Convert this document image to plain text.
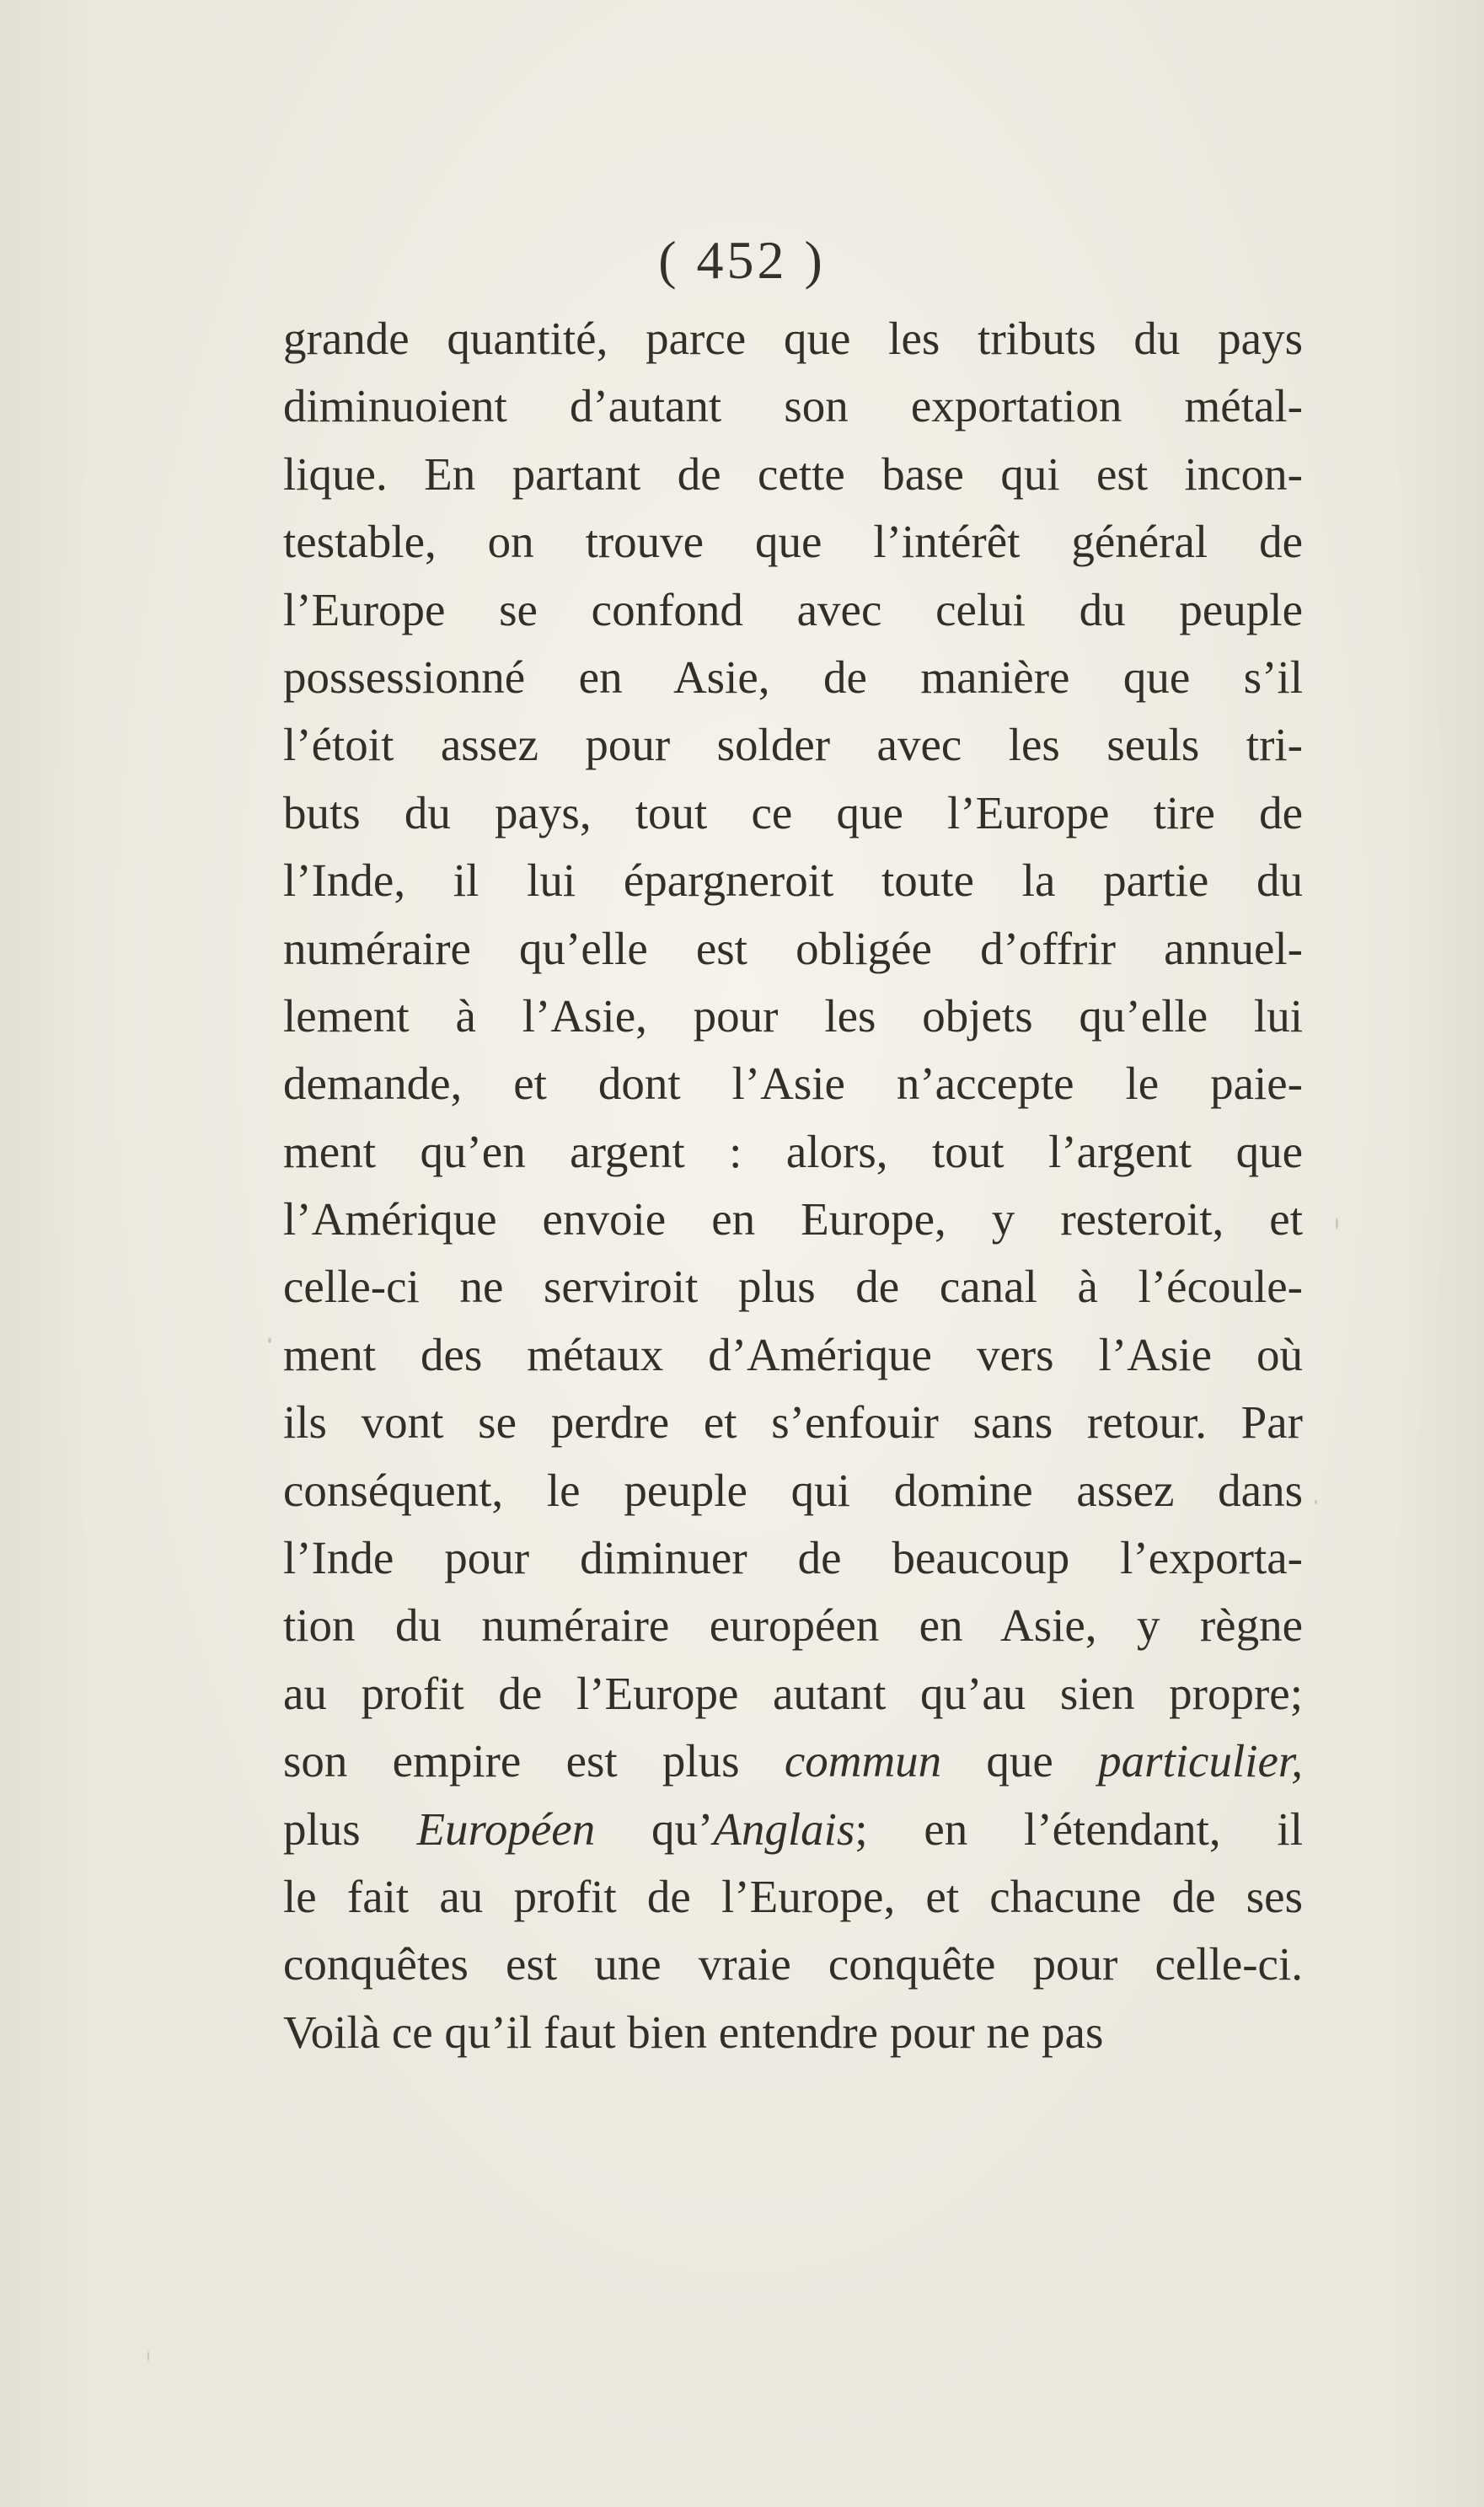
( 452 )
grande quantité, parce que les tributs du pays
diminuoient d’autant son exportation métal-
lique. En partant de cette base qui est incon-
testable, on trouve que l’intérêt général de
l’Europe se confond avec celui du peuple
possessionné en Asie, de manière que s’il
l’étoit assez pour solder avec les seuls tri-
buts du pays, tout ce que l’Europe tire de
l’Inde, il lui épargneroit toute la partie du
numéraire qu’elle est obligée d’offrir annuel-
lement à l’Asie, pour les objets qu’elle lui
demande, et dont l’Asie n’accepte le paie-
ment qu’en argent : alors, tout l’argent que
l’Amérique envoie en Europe, y resteroit, et
celle-ci ne serviroit plus de canal à l’écoule-
ment des métaux d’Amérique vers l’Asie où
ils vont se perdre et s’enfouir sans retour. Par
conséquent, le peuple qui domine assez dans
l’Inde pour diminuer de beaucoup l’exporta-
tion du numéraire européen en Asie, y règne
au profit de l’Europe autant qu’au sien propre;
son empire est plus commun que particulier,
plus Européen qu’Anglais; en l’étendant, il
le fait au profit de l’Europe, et chacune de ses
conquêtes est une vraie conquête pour celle-ci.
Voilà ce qu’il faut bien entendre pour ne pas
